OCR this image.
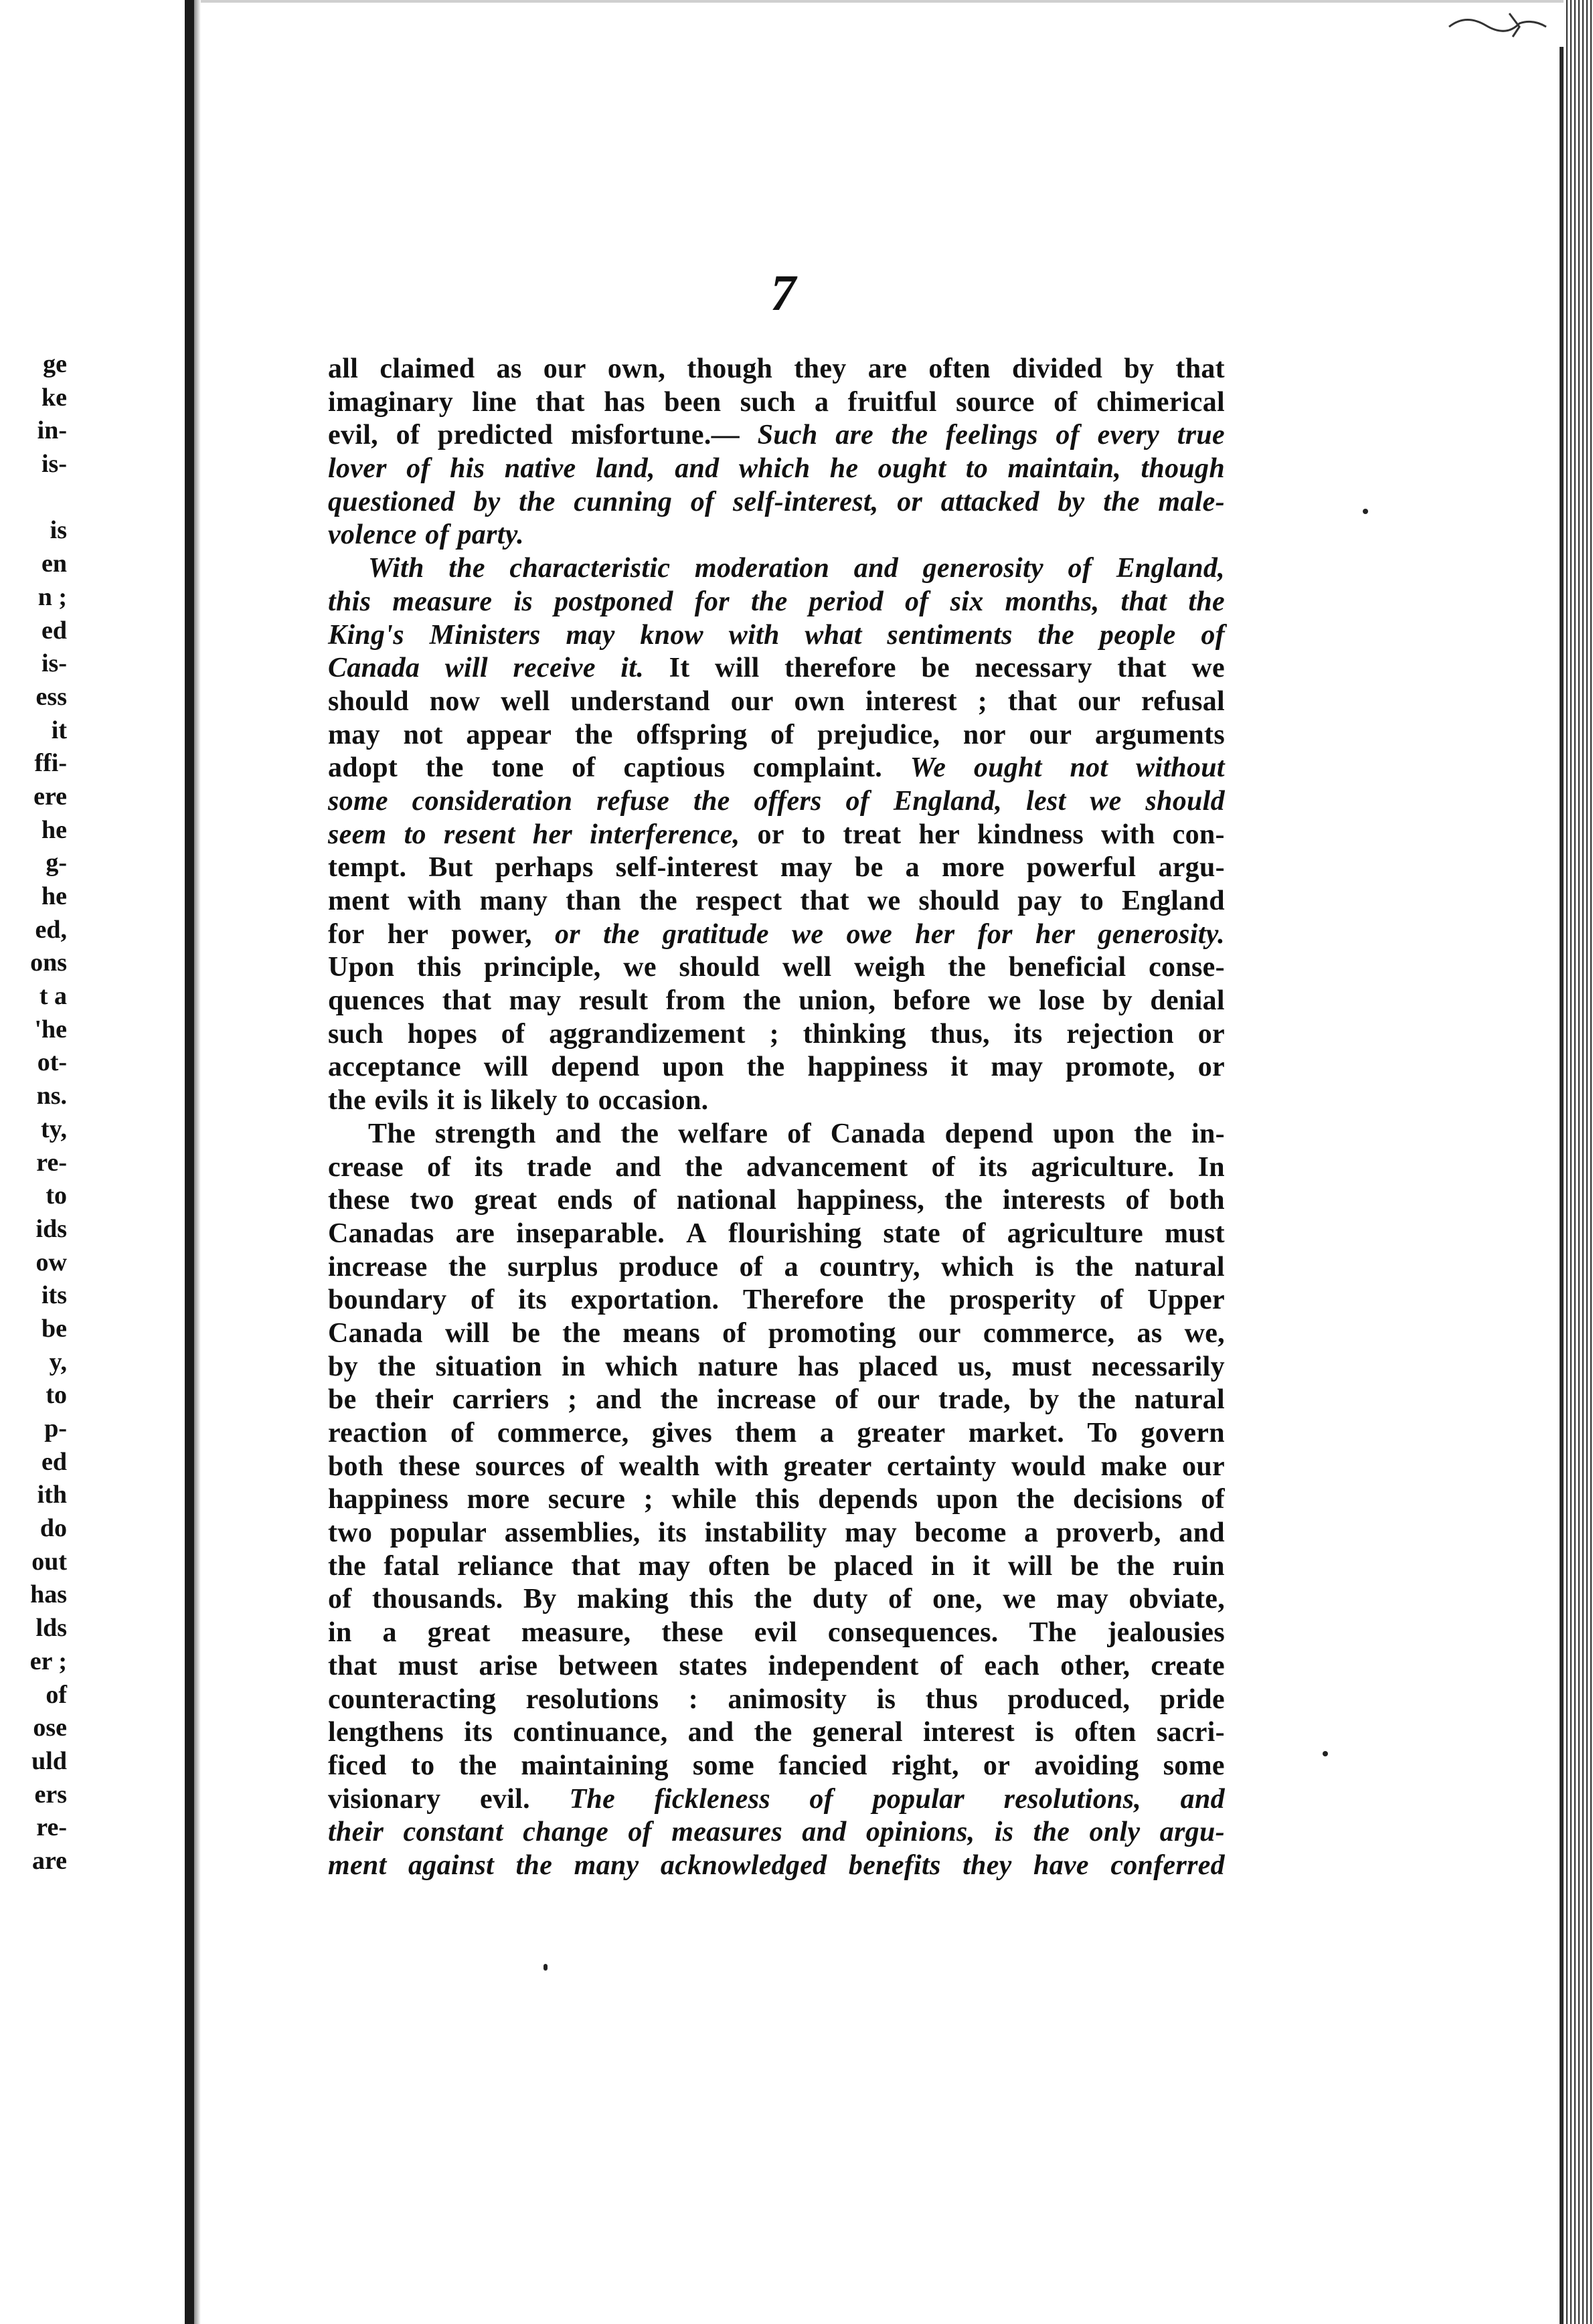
ge
ke
in-
is-
is
en
n ;
ed
is-
ess
it
ffi-
ere
he
g-
he
ed,
ons
t a
'he
ot-
ns.
ty,
re-
to
ids
ow
its
be
y,
to
p-
ed
ith
do
out
has
lds
er ;
of
ose
uld
ers
re-
are
7
all claimed as our own, though they are often divided by that
imaginary line that has been such a fruitful source of chimerical
evil, of predicted misfortune.— Such are the feelings of every true
lover of his native land, and which he ought to maintain, though
questioned by the cunning of self-interest, or attacked by the male-
volence of party.
With the characteristic moderation and generosity of England,
this measure is postponed for the period of six months, that the
King's Ministers may know with what sentiments the people of
Canada will receive it. It will therefore be necessary that we
should now well understand our own interest ; that our refusal
may not appear the offspring of prejudice, nor our arguments
adopt the tone of captious complaint. We ought not without
some consideration refuse the offers of England, lest we should
seem to resent her interference, or to treat her kindness with con-
tempt. But perhaps self-interest may be a more powerful argu-
ment with many than the respect that we should pay to England
for her power, or the gratitude we owe her for her generosity.
Upon this principle, we should well weigh the beneficial conse-
quences that may result from the union, before we lose by denial
such hopes of aggrandizement ; thinking thus, its rejection or
acceptance will depend upon the happiness it may promote, or
the evils it is likely to occasion.
The strength and the welfare of Canada depend upon the in-
crease of its trade and the advancement of its agriculture. In
these two great ends of national happiness, the interests of both
Canadas are inseparable. A flourishing state of agriculture must
increase the surplus produce of a country, which is the natural
boundary of its exportation. Therefore the prosperity of Upper
Canada will be the means of promoting our commerce, as we,
by the situation in which nature has placed us, must necessarily
be their carriers ; and the increase of our trade, by the natural
reaction of commerce, gives them a greater market. To govern
both these sources of wealth with greater certainty would make our
happiness more secure ; while this depends upon the decisions of
two popular assemblies, its instability may become a proverb, and
the fatal reliance that may often be placed in it will be the ruin
of thousands. By making this the duty of one, we may obviate,
in a great measure, these evil consequences. The jealousies
that must arise between states independent of each other, create
counteracting resolutions : animosity is thus produced, pride
lengthens its continuance, and the general interest is often sacri-
ficed to the maintaining some fancied right, or avoiding some
visionary evil. The fickleness of popular resolutions, and
their constant change of measures and opinions, is the only argu-
ment against the many acknowledged benefits they have conferred
